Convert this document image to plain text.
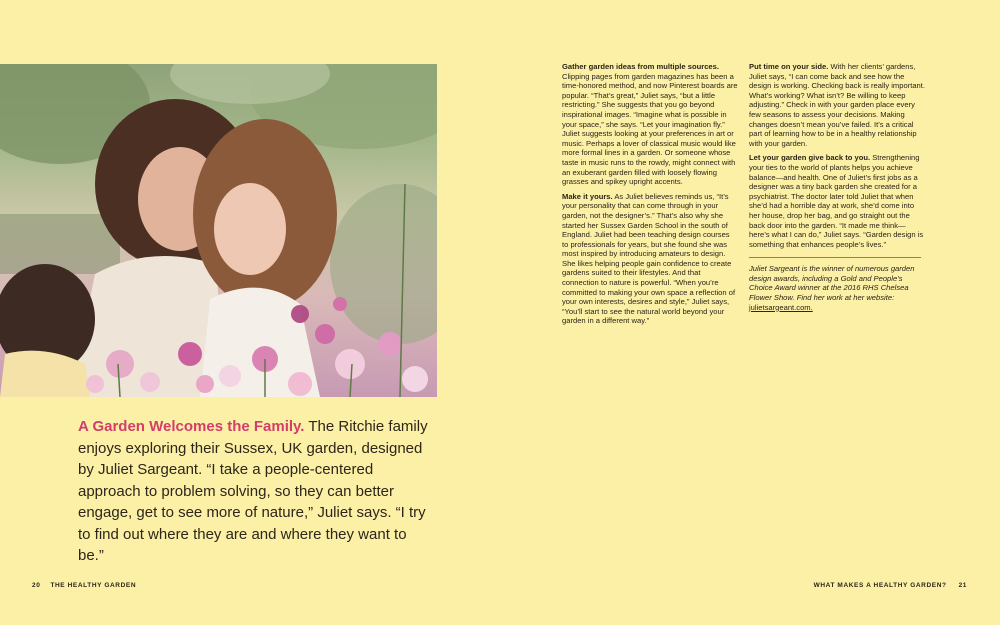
A Garden Welcomes the Family. The Ritchie family enjoys exploring their Sussex, UK garden, designed by Juliet Sargeant. “I take a people-centered approach to problem solving, so they can better engage, get to see more of nature,” Juliet says. “I try to find out where they are and where they want to be.”

Gather garden ideas from multiple sources. Clipping pages from garden magazines has been a time-honored method, and now Pinterest boards are popular. “That’s great,” Juliet says, “but a little restricting.” She suggests that you go beyond inspirational images. “Imagine what is possible in your space,” she says. “Let your imagination fly.” Juliet suggests looking at your preferences in art or music. Perhaps a lover of classical music would like more formal lines in a garden. Or someone whose taste in music runs to the rowdy, might connect with an exuberant garden filled with loosely flowing grasses and spikey upright accents.

Make it yours. As Juliet believes reminds us, “It’s your personality that can come through in your garden, not the designer’s.” That’s also why she started her Sussex Garden School in the south of England. Juliet had been teaching design courses to professionals for years, but she found she was most inspired by introducing amateurs to design. She likes helping people gain confidence to create gardens suited to their lifestyles. And that connection to nature is powerful. “When you’re committed to making your own space a reflection of your own interests, desires and style,” Juliet says, “You’ll start to see the natural world beyond your garden in a different way.”

Put time on your side. With her clients’ gardens, Juliet says, “I can come back and see how the design is working. Checking back is really important. What’s working? What isn’t? Be willing to keep adjusting.” Check in with your garden place every few seasons to assess your decisions. Making changes doesn’t mean you’ve failed. It’s a critical part of learning how to be in a healthy relationship with your garden.

Let your garden give back to you. Strengthening your ties to the world of plants helps you achieve balance—and health. One of Juliet’s first jobs as a designer was a tiny back garden she created for a psychiatrist. The doctor later told Juliet that when she’d had a horrible day at work, she’d come into her house, drop her bag, and go straight out the back door into the garden. “It made me think—here’s what I can do,” Juliet says. “Garden design is something that enhances people’s lives.”

Juliet Sargeant is the winner of numerous garden design awards, including a Gold and People’s Choice Award winner at the 2016 RHS Chelsea Flower Show. Find her work at her website: julietsargeant.com.

20 THE HEALTHY GARDEN	WHAT MAKES A HEALTHY GARDEN? 21
